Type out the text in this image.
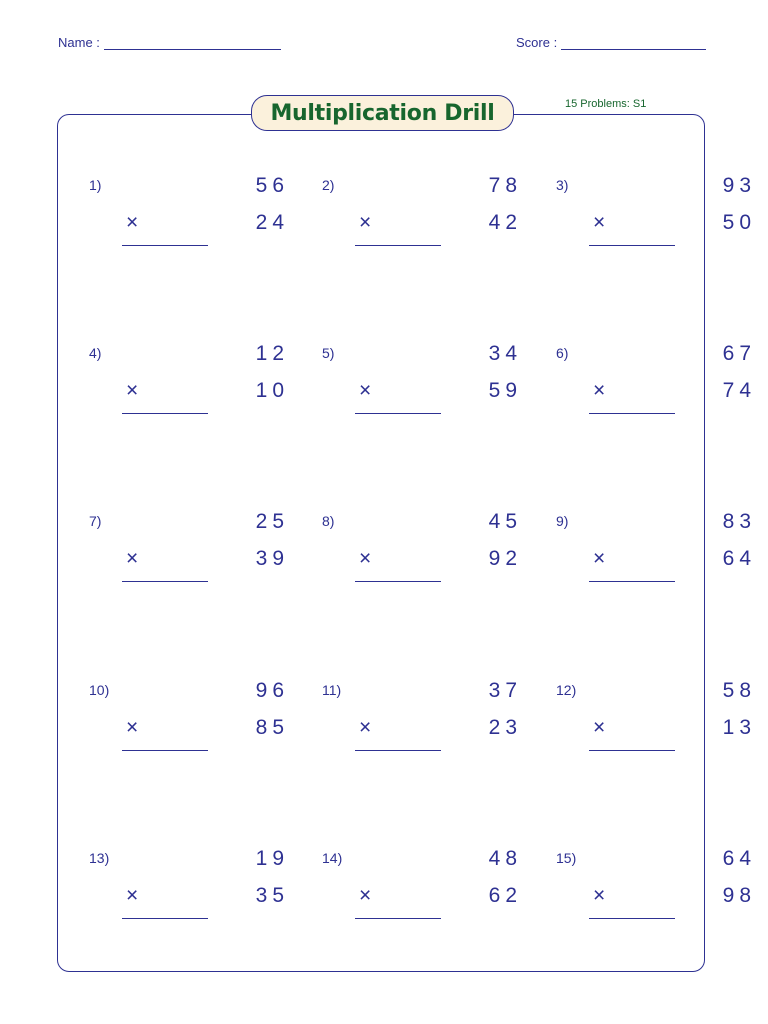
Name :	Score :
Multiplication Drill	15 Problems: S1
1)	56
×	24
2)	78
×	42
3)	93
×	50
4)	12
×	10
5)	34
×	59
6)	67
×	74
7)	25
×	39
8)	45
×	92
9)	83
×	64
10)	96
×	85
11)	37
×	23
12)	58
×	13
13)	19
×	35
14)	48
×	62
15)	64
×	98
